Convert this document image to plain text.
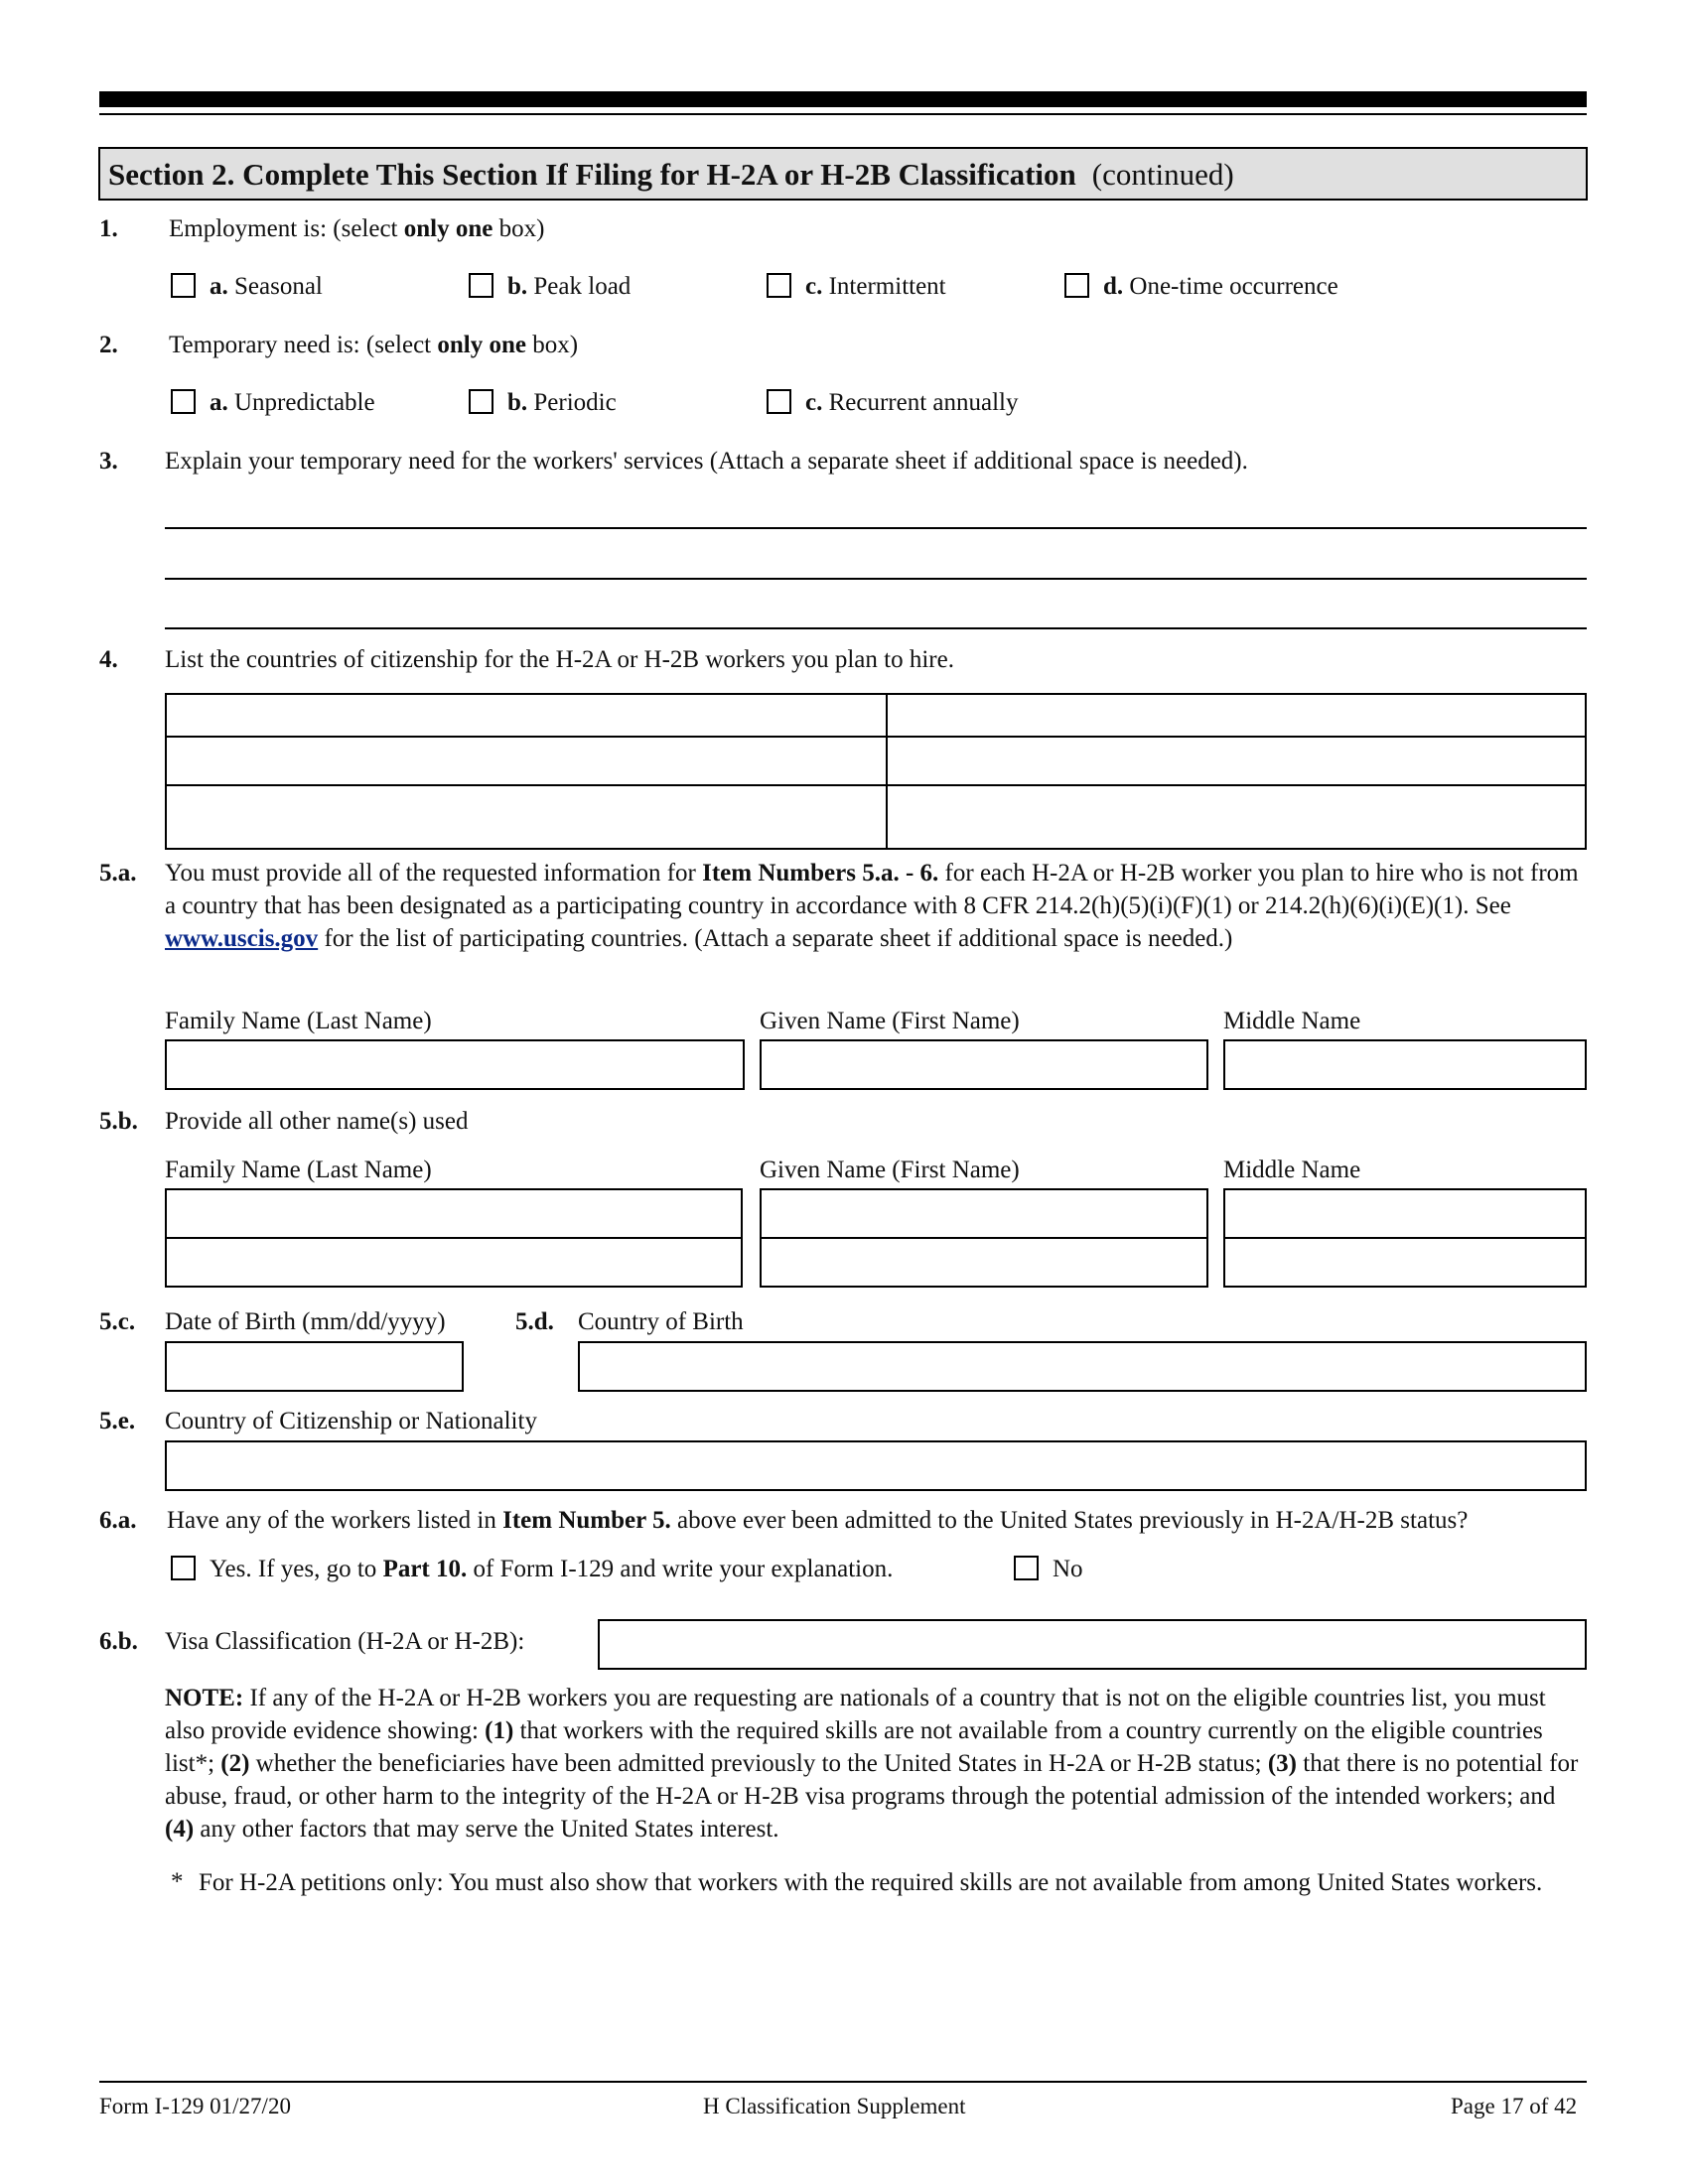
Section 2. Complete This Section If Filing for H-2A or H-2B Classification (continued)
1. Employment is: (select only one box)
a. Seasonal	b. Peak load	c. Intermittent	d. One-time occurrence
2. Temporary need is: (select only one box)
a. Unpredictable	b. Periodic	c. Recurrent annually
3. Explain your temporary need for the workers' services (Attach a separate sheet if additional space is needed).
4. List the countries of citizenship for the H-2A or H-2B workers you plan to hire.
5.a. You must provide all of the requested information for Item Numbers 5.a. - 6. for each H-2A or H-2B worker you plan to hire who is not from a country that has been designated as a participating country in accordance with 8 CFR 214.2(h)(5)(i)(F)(1) or 214.2(h)(6)(i)(E)(1). See www.uscis.gov for the list of participating countries. (Attach a separate sheet if additional space is needed.)
Family Name (Last Name)	Given Name (First Name)	Middle Name
5.b. Provide all other name(s) used
Family Name (Last Name)	Given Name (First Name)	Middle Name
5.c. Date of Birth (mm/dd/yyyy)	5.d. Country of Birth
5.e. Country of Citizenship or Nationality
6.a. Have any of the workers listed in Item Number 5. above ever been admitted to the United States previously in H-2A/H-2B status?
Yes. If yes, go to Part 10. of Form I-129 and write your explanation.	No
6.b. Visa Classification (H-2A or H-2B):
NOTE: If any of the H-2A or H-2B workers you are requesting are nationals of a country that is not on the eligible countries list, you must also provide evidence showing: (1) that workers with the required skills are not available from a country currently on the eligible countries list*; (2) whether the beneficiaries have been admitted previously to the United States in H-2A or H-2B status; (3) that there is no potential for abuse, fraud, or other harm to the integrity of the H-2A or H-2B visa programs through the potential admission of the intended workers; and (4) any other factors that may serve the United States interest.
* For H-2A petitions only: You must also show that workers with the required skills are not available from among United States workers.
Form I-129 01/27/20	H Classification Supplement	Page 17 of 42
